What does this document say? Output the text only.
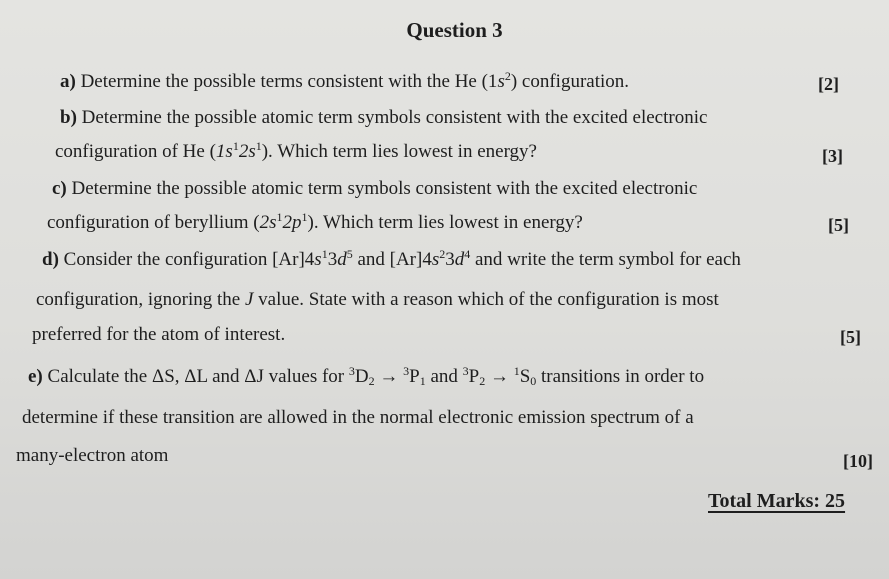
Question 3
a) Determine the possible terms consistent with the He $(1s^2)$ configuration.	[2]
b) Determine the possible atomic term symbols consistent with the excited electronic
configuration of He $(1s^12s^1)$. Which term lies lowest in energy?	[3]
c) Determine the possible atomic term symbols consistent with the excited electronic
configuration of beryllium $(2s^12p^1)$. Which term lies lowest in energy?	[5]
d) Consider the configuration $[Ar]4s^13d^5$ and $[Ar]4s^23d^4$ and write the term symbol for each
configuration, ignoring the J value. State with a reason which of the configuration is most
preferred for the atom of interest.	[5]
e) Calculate the ΔS, ΔL and ΔJ values for $^3D_2 \to ^3P_1$ and $^3P_2 \to ^1S_0$ transitions in order to
determine if these transition are allowed in the normal electronic emission spectrum of a
many-electron atom	[10]
Total Marks: 25
